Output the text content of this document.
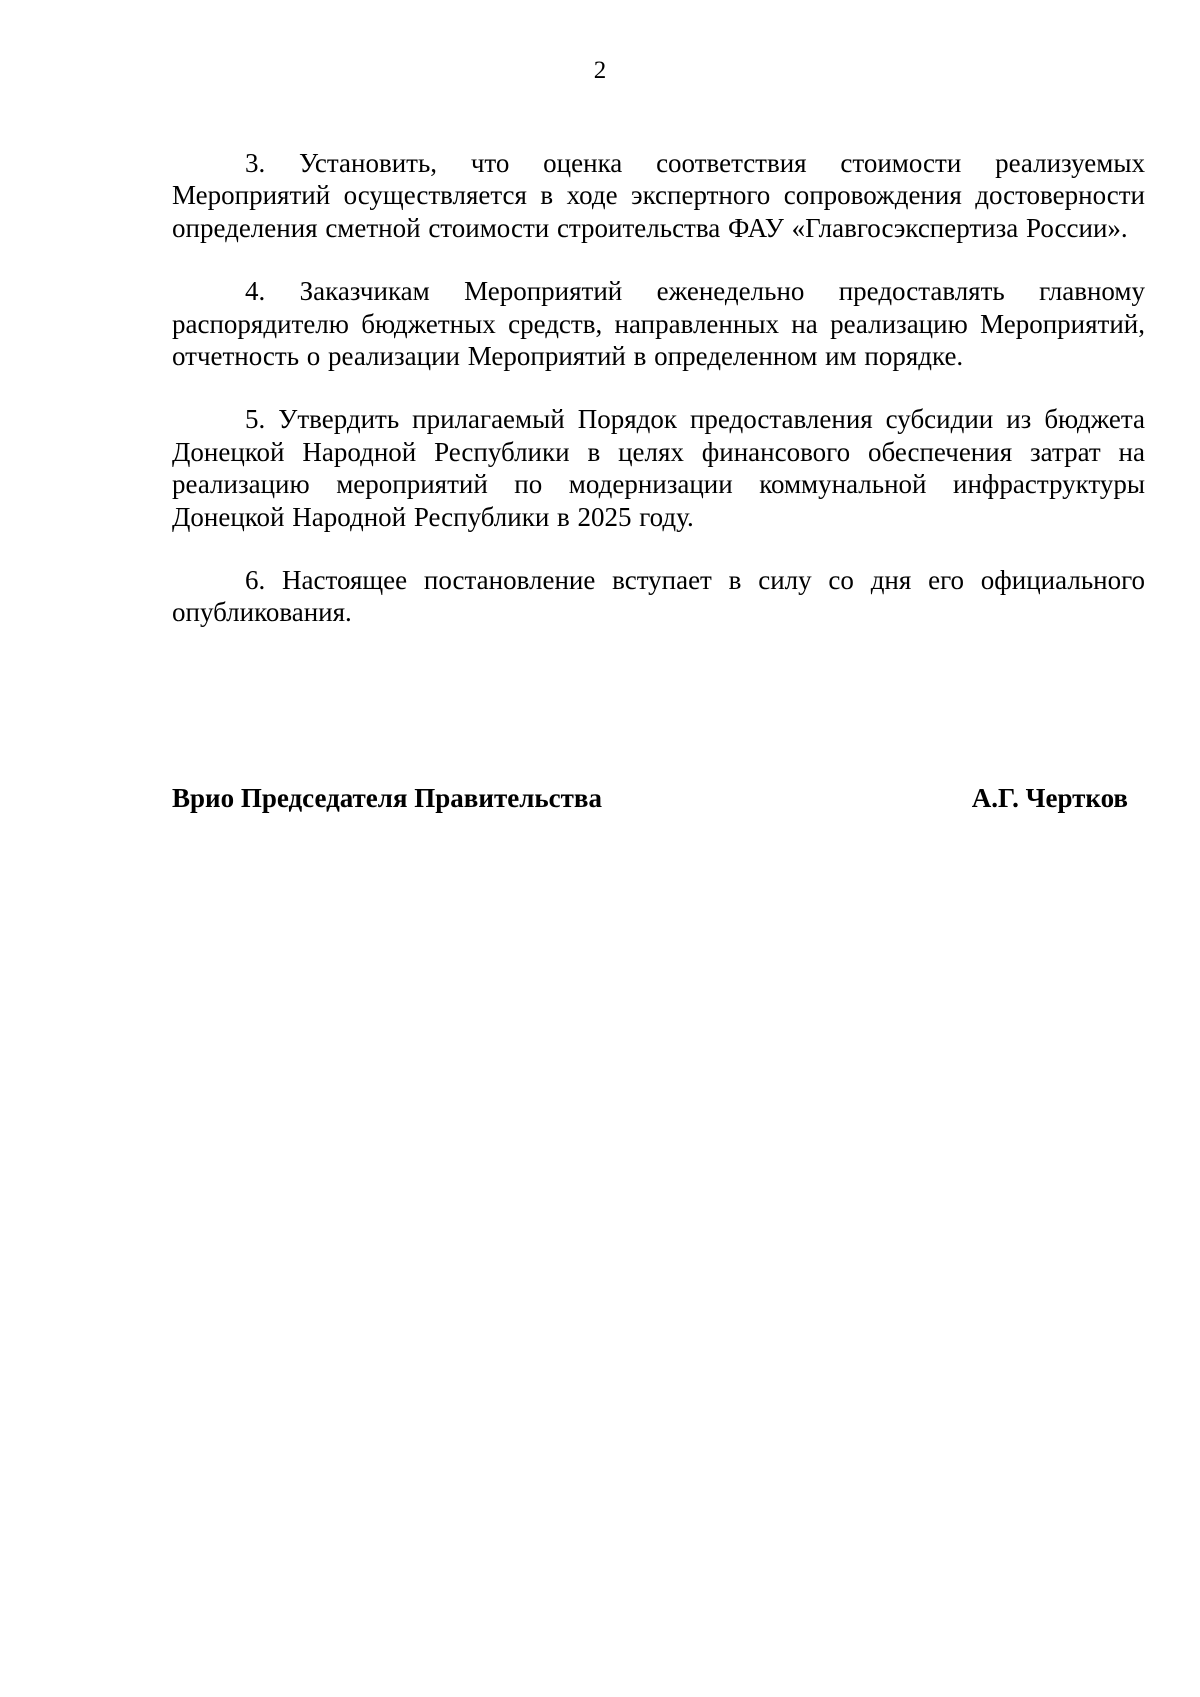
2

3. Установить, что оценка соответствия стоимости реализуемых Мероприятий осуществляется в ходе экспертного сопровождения достоверности определения сметной стоимости строительства ФАУ «Главгосэкспертиза России».

4. Заказчикам Мероприятий еженедельно предоставлять главному распорядителю бюджетных средств, направленных на реализацию Мероприятий, отчетность о реализации Мероприятий в определенном им порядке.

5. Утвердить прилагаемый Порядок предоставления субсидии из бюджета Донецкой Народной Республики в целях финансового обеспечения затрат на реализацию мероприятий по модернизации коммунальной инфраструктуры Донецкой Народной Республики в 2025 году.

6. Настоящее постановление вступает в силу со дня его официального опубликования.

Врио Председателя Правительства	А.Г. Чертков
